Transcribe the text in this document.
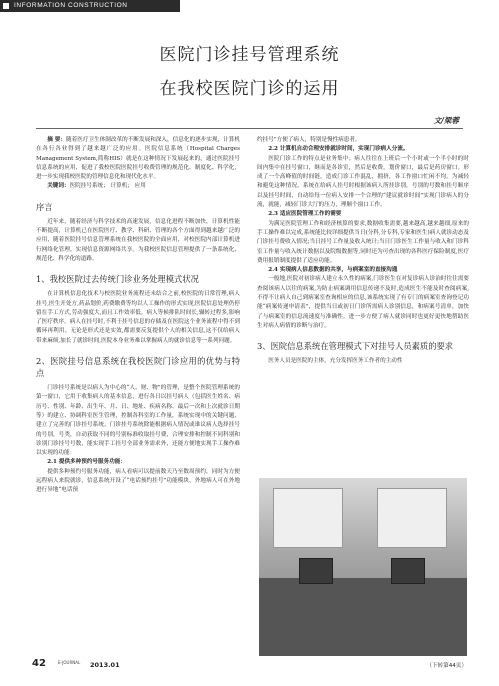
INFORMATION CONSTRUCTION
医院门诊挂号管理系统
在我校医院门诊的运用
文/梁蓉

摘 要：随着医疗卫生体制改革的不断发展和深入，信息化的逐步实现，计算机在各行各业得到了越来越广泛的应用。医院信息系统（Hospital Charges Management System,简称HIS）就是在这种情况下发展起来的，通过医院挂号信息系统的应用，促进了我校医院医院挂号收费管理的规范化、制度化、科学化，进一步实现我校医院的管理信息化和现代化水平。

关键词：医院挂号系统； 计算机； 应用

序言

近年来，随着经济与科学技术的高速发展，信息化进程不断加快，计算机性能不断提高，计算机已在医院医疗、教学、科研、管理的各个方面得到越来越广泛的应用，随着医院挂号信息管理系统在我校医院的全面应用，对校医院内部计算机进行网络化管理，实现信息资源网络共享。为我校医院信息管理提供了一条系统化、规范化、科学化的道路。

1、我校医院过去传统门诊业务处理模式状况

在计算机信息化技术与校医院业务流程还未结合之前,校医院的日常管理,病人挂号,医生开处方,药品划价,药费缴费等均以人工操作的形式实现,医院信息处理仍停留在手工方式,劳动强度大,而且工作效率低。病人等候排队时间长,辗转过程多,影响了医疗秩序。病人在挂号时,不利于挂号信息的存储及在医院这个业务流程中得不到循环再利用。无论是形式还是实效,都需要反复提供个人的相关信息,这不仅给病人带来麻烦,加长了就诊时间,医院本身业务难以掌握病人的就诊信息等一系列问题。

2、医院挂号信息系统在我校医院门诊应用的优势与特点

门诊挂号系统是以病人为中心的“人、财、物”的管理，是整个医院管理系统的第一窗口，它用于收集病人的基本信息，进行各日以挂号病人（包括医生姓名、病历号、性别、年龄、出生年、月、日、地址、疾病名称、最后一次和上次就诊日期等）的建立、协调科室医生管理，控制各科室的工作量，系统实现中的关键问题，建立了完善的门诊挂号系统。门诊挂号系统除能根据病人情况或谁议病人选择挂号的号别，号类，自动获取不同的号别标准收取挂号费，合理安排和控制不同科别和诊别门诊挂号号数，能实现手工挂号全部业务需求外，还能方便地实现手工操作难以实现的功能：

2.1 提供多种预约号服务功能：

提供多种预约号服务功能，病人看病可以提前数天乃至数周预约，同时为方便远程病人来院就诊，信息系统开设了“电话预约挂号”功能模块，外地病人可在外地进行异地“电话预

约挂号”方便了病人，特别是慢性病患者。

2.2 计算机自动合理安排就诊时间，实现门诊病人分流。

医院门诊工作的特点是业务集中；病人往往在上班后一个小时或一个半小时的时间内集中在挂号窗口，继而是各诊室，然后是收费，划价窗口，最后是药房窗口。形成了一个高峰值的时间链，造成门诊工作混乱，拥挤，各工作窗口忙闲不均。为减轻和避免这种情况，系统在给病人挂号时根据该病人所挂诊别，号别的号数和挂号顺序以及挂号时间，自动给每一位病人安排一个合理的“建议就诊时间”实现门诊病人的分流，就能，减轻门诊大厅的压力，理顺个窗口工作。

2.3 适应医院管理工作的需要

为满足医院管理工作和经济核算的要求,数据收集需要,越来越高,越来越细,原来的手工操作难以完成,系统能比较详细提供当日(分科,分专科,专家和医生)病人就诊动态及门诊挂号费收入情况;当日挂号工作量及收入统计;当日门诊医生工作量与收入和门诊科室工作量与收入统计数据以及院级数据等,同时还为可查出现的各科医疗保险制度,医疗费用报销制度提供了适应功能。

2.4 实现病人信息数据的共享，与病案室的直接沟通

一般地,医院对初诊病人建立永久性的病案,门诊医生在对复诊病人诊治时往往需要查阅该病人以往的病案,为防止病案调用信息传递不及时,造成医生不能及时查阅病案,不得不让病人自己到病案室查询相应的信息,该系统实现了有专门的病案室查询登记功能“病案传递申请表”，提供当日或初日门诊所需病人诊别信息，和病案号清单，加快了与病案室的信息流速度与准确性。进一步方便了病人就诊同时也更好更快地帮助医生对病人病情的诊断与治疗。

3、医院信息系统在管理模式下对挂号人员素质的要求

医务人员是医院的主体，充分发挥医务工作者的主动性

（下转第44页）
42	E-JOURNAL 2013.01
